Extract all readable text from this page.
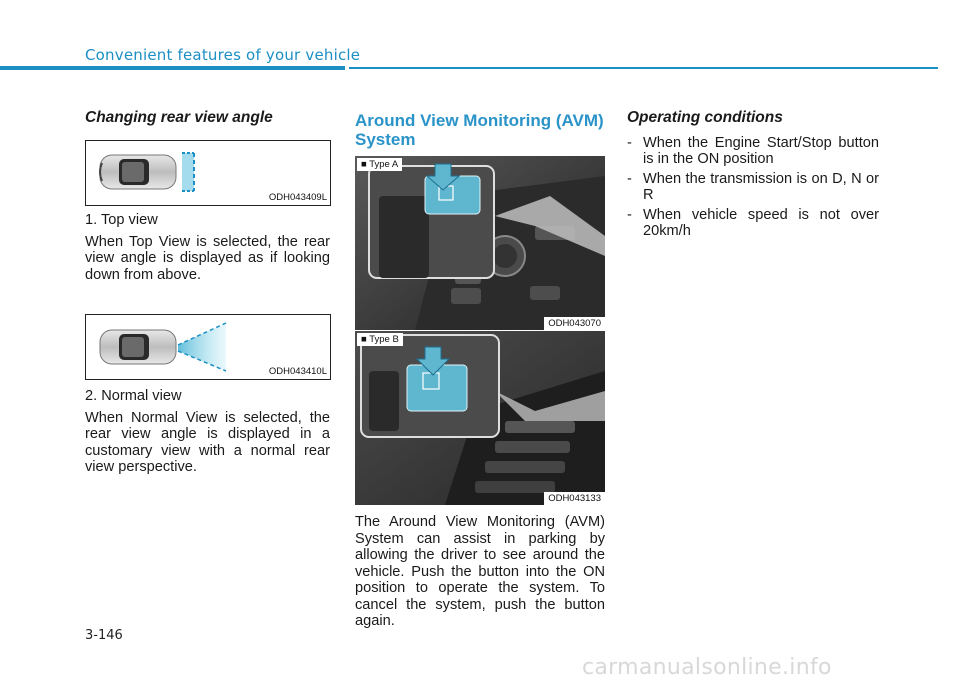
Convenient features of your vehicle

Changing rear view angle

ODH043409L

1. Top view

When Top View is selected, the rear view angle is displayed as if looking down from above.

ODH043410L

2. Normal view

When Normal View is selected, the rear view angle is displayed in a customary view with a normal rear view perspective.

Around View Monitoring (AVM) System

■ Type A
ODH043070
■ Type B
ODH043133

The Around View Monitoring (AVM) System can assist in parking by allowing the driver to see around the vehicle. Push the button into the ON position to operate the system. To cancel the system, push the button again.

Operating conditions

- When the Engine Start/Stop button is in the ON position

- When the transmission is on D, N or R

- When vehicle speed is not over 20km/h

3-146
carmanualsonline.info
